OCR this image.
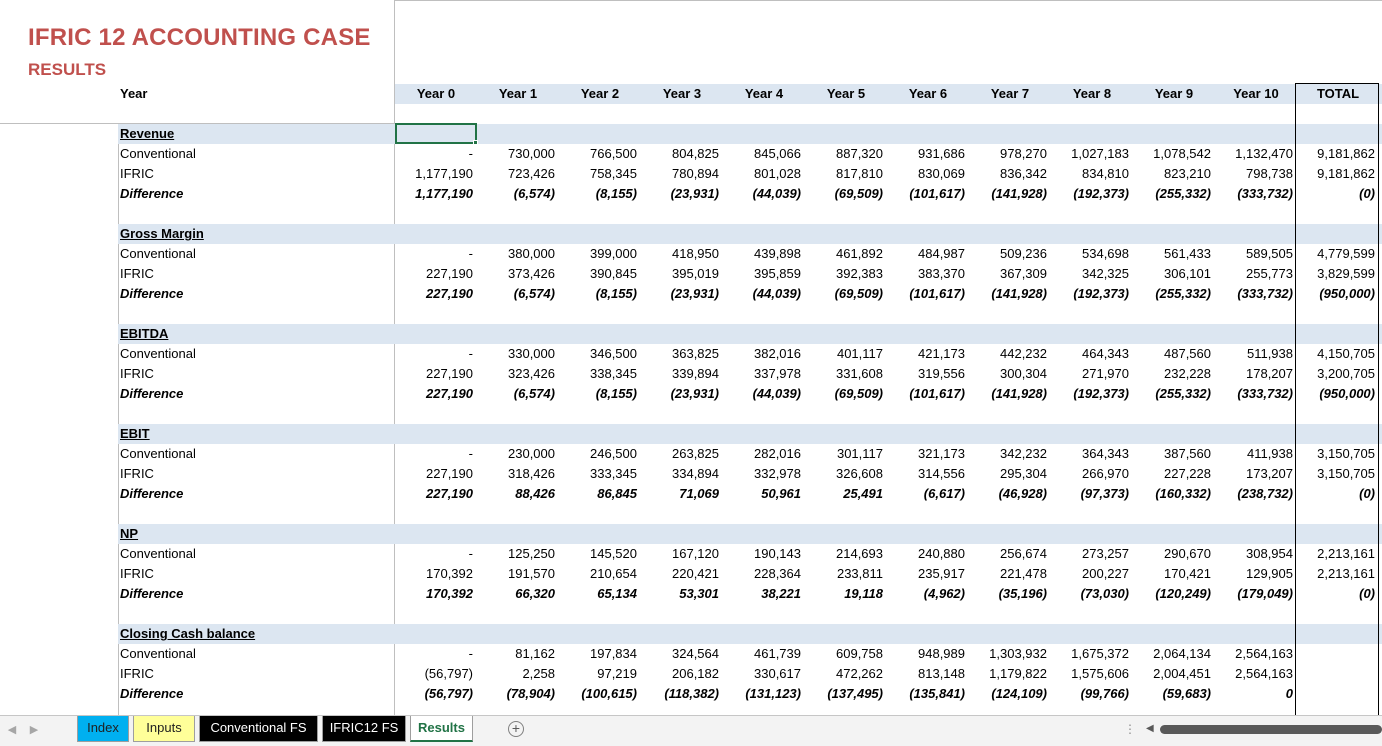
IFRIC 12 ACCOUNTING CASE
RESULTS
Year	Year 0	Year 1	Year 2	Year 3	Year 4	Year 5	Year 6	Year 7	Year 8	Year 9	Year 10	TOTAL
Revenue
Conventional	-	730,000	766,500	804,825	845,066	887,320	931,686	978,270	1,027,183	1,078,542	1,132,470	9,181,862
IFRIC	1,177,190	723,426	758,345	780,894	801,028	817,810	830,069	836,342	834,810	823,210	798,738	9,181,862
Difference	1,177,190	(6,574)	(8,155)	(23,931)	(44,039)	(69,509)	(101,617)	(141,928)	(192,373)	(255,332)	(333,732)	(0)
Gross Margin
Conventional	-	380,000	399,000	418,950	439,898	461,892	484,987	509,236	534,698	561,433	589,505	4,779,599
IFRIC	227,190	373,426	390,845	395,019	395,859	392,383	383,370	367,309	342,325	306,101	255,773	3,829,599
Difference	227,190	(6,574)	(8,155)	(23,931)	(44,039)	(69,509)	(101,617)	(141,928)	(192,373)	(255,332)	(333,732)	(950,000)
EBITDA
Conventional	-	330,000	346,500	363,825	382,016	401,117	421,173	442,232	464,343	487,560	511,938	4,150,705
IFRIC	227,190	323,426	338,345	339,894	337,978	331,608	319,556	300,304	271,970	232,228	178,207	3,200,705
Difference	227,190	(6,574)	(8,155)	(23,931)	(44,039)	(69,509)	(101,617)	(141,928)	(192,373)	(255,332)	(333,732)	(950,000)
EBIT
Conventional	-	230,000	246,500	263,825	282,016	301,117	321,173	342,232	364,343	387,560	411,938	3,150,705
IFRIC	227,190	318,426	333,345	334,894	332,978	326,608	314,556	295,304	266,970	227,228	173,207	3,150,705
Difference	227,190	88,426	86,845	71,069	50,961	25,491	(6,617)	(46,928)	(97,373)	(160,332)	(238,732)	(0)
NP
Conventional	-	125,250	145,520	167,120	190,143	214,693	240,880	256,674	273,257	290,670	308,954	2,213,161
IFRIC	170,392	191,570	210,654	220,421	228,364	233,811	235,917	221,478	200,227	170,421	129,905	2,213,161
Difference	170,392	66,320	65,134	53,301	38,221	19,118	(4,962)	(35,196)	(73,030)	(120,249)	(179,049)	(0)
Closing Cash balance
Conventional	-	81,162	197,834	324,564	461,739	609,758	948,989	1,303,932	1,675,372	2,064,134	2,564,163
IFRIC	(56,797)	2,258	97,219	206,182	330,617	472,262	813,148	1,179,822	1,575,606	2,004,451	2,564,163
Difference	(56,797)	(78,904)	(100,615)	(118,382)	(131,123)	(137,495)	(135,841)	(124,109)	(99,766)	(59,683)	0
◀	▶	Index	Inputs	Conventional FS	IFRIC12 FS	Results	+	⋮ ◀
